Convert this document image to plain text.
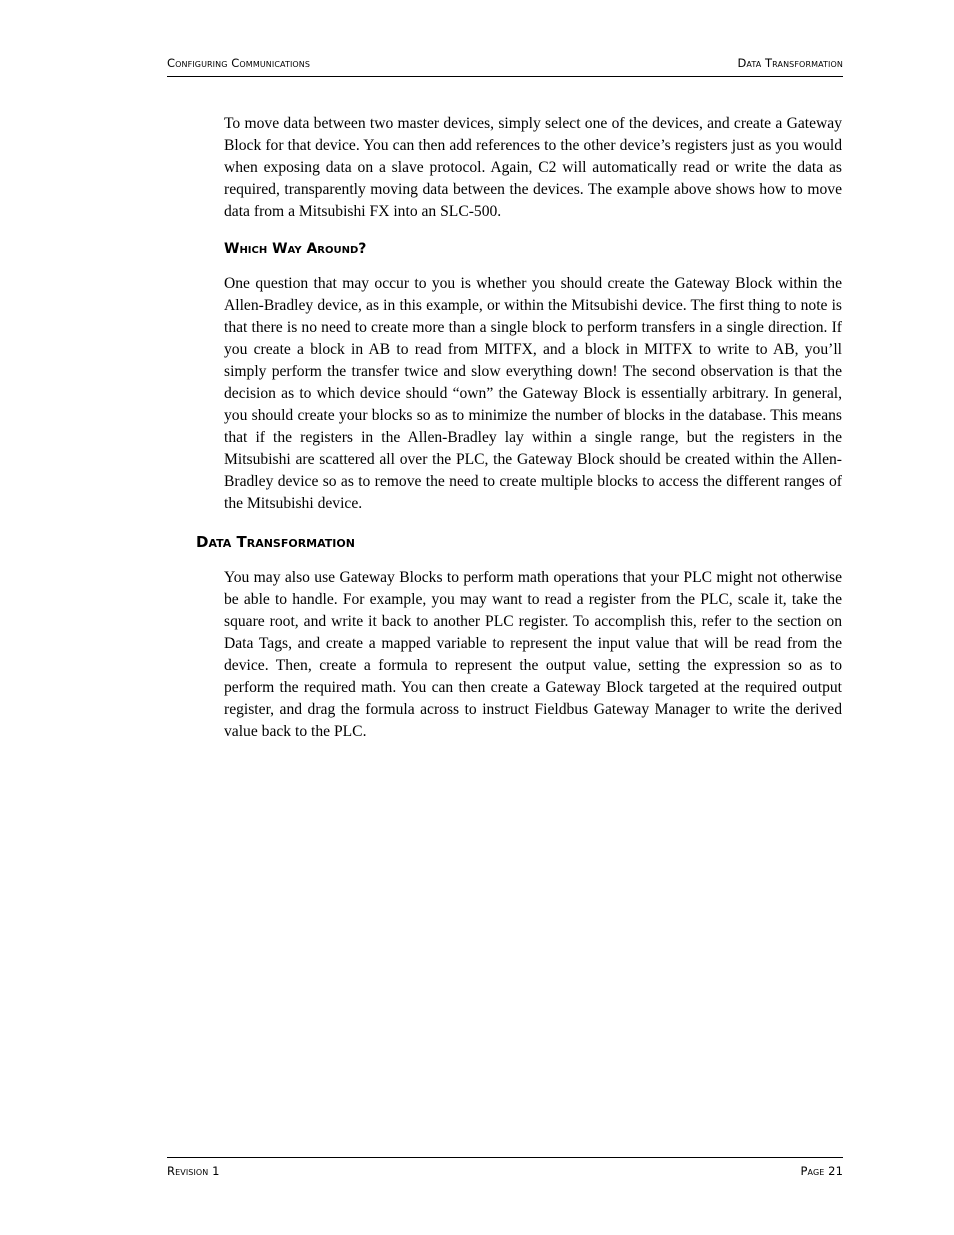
Configuring Communications	Data Transformation

To move data between two master devices, simply select one of the devices, and create a Gateway Block for that device. You can then add references to the other device’s registers just as you would when exposing data on a slave protocol. Again, C2 will automatically read or write the data as required, transparently moving data between the devices. The example above shows how to move data from a Mitsubishi FX into an SLC-500.

Which Way Around?

One question that may occur to you is whether you should create the Gateway Block within the Allen-Bradley device, as in this example, or within the Mitsubishi device. The first thing to note is that there is no need to create more than a single block to perform transfers in a single direction. If you create a block in AB to read from MITFX, and a block in MITFX to write to AB, you’ll simply perform the transfer twice and slow everything down! The second observation is that the decision as to which device should “own” the Gateway Block is essentially arbitrary. In general, you should create your blocks so as to minimize the number of blocks in the database. This means that if the registers in the Allen-Bradley lay within a single range, but the registers in the Mitsubishi are scattered all over the PLC, the Gateway Block should be created within the Allen-Bradley device so as to remove the need to create multiple blocks to access the different ranges of the Mitsubishi device.

Data Transformation

You may also use Gateway Blocks to perform math operations that your PLC might not otherwise be able to handle. For example, you may want to read a register from the PLC, scale it, take the square root, and write it back to another PLC register. To accomplish this, refer to the section on Data Tags, and create a mapped variable to represent the input value that will be read from the device. Then, create a formula to represent the output value, setting the expression so as to perform the required math. You can then create a Gateway Block targeted at the required output register, and drag the formula across to instruct Fieldbus Gateway Manager to write the derived value back to the PLC.

Revision 1	Page 21
